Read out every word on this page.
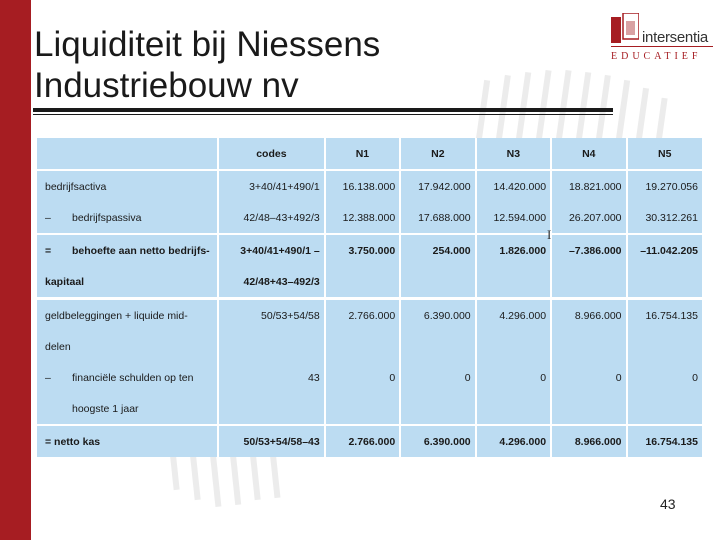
Liquiditeit bij Niessens
Industriebouw nv
intersentia
EDUCATIEF
	codes	N1	N2	N3	N4	N5
bedrijfsactiva	3+40/41+490/1	16.138.000	17.942.000	14.420.000	18.821.000	19.270.056
– bedrijfspassiva	42/48–43+492/3	12.388.000	17.688.000	12.594.000	26.207.000	30.312.261
= behoefte aan netto bedrijfs-	3+40/41+490/1 –	3.750.000	254.000	1.826.000	–7.386.000	–11.042.205
kapitaal	42/48+43–492/3					

geldbeleggingen + liquide mid-	50/53+54/58	2.766.000	6.390.000	4.296.000	8.966.000	16.754.135
delen						
– financiële schulden op ten	43	0	0	0	0	0
hoogste 1 jaar						
= netto kas	50/53+54/58–43	2.766.000	6.390.000	4.296.000	8.966.000	16.754.135
I
43
